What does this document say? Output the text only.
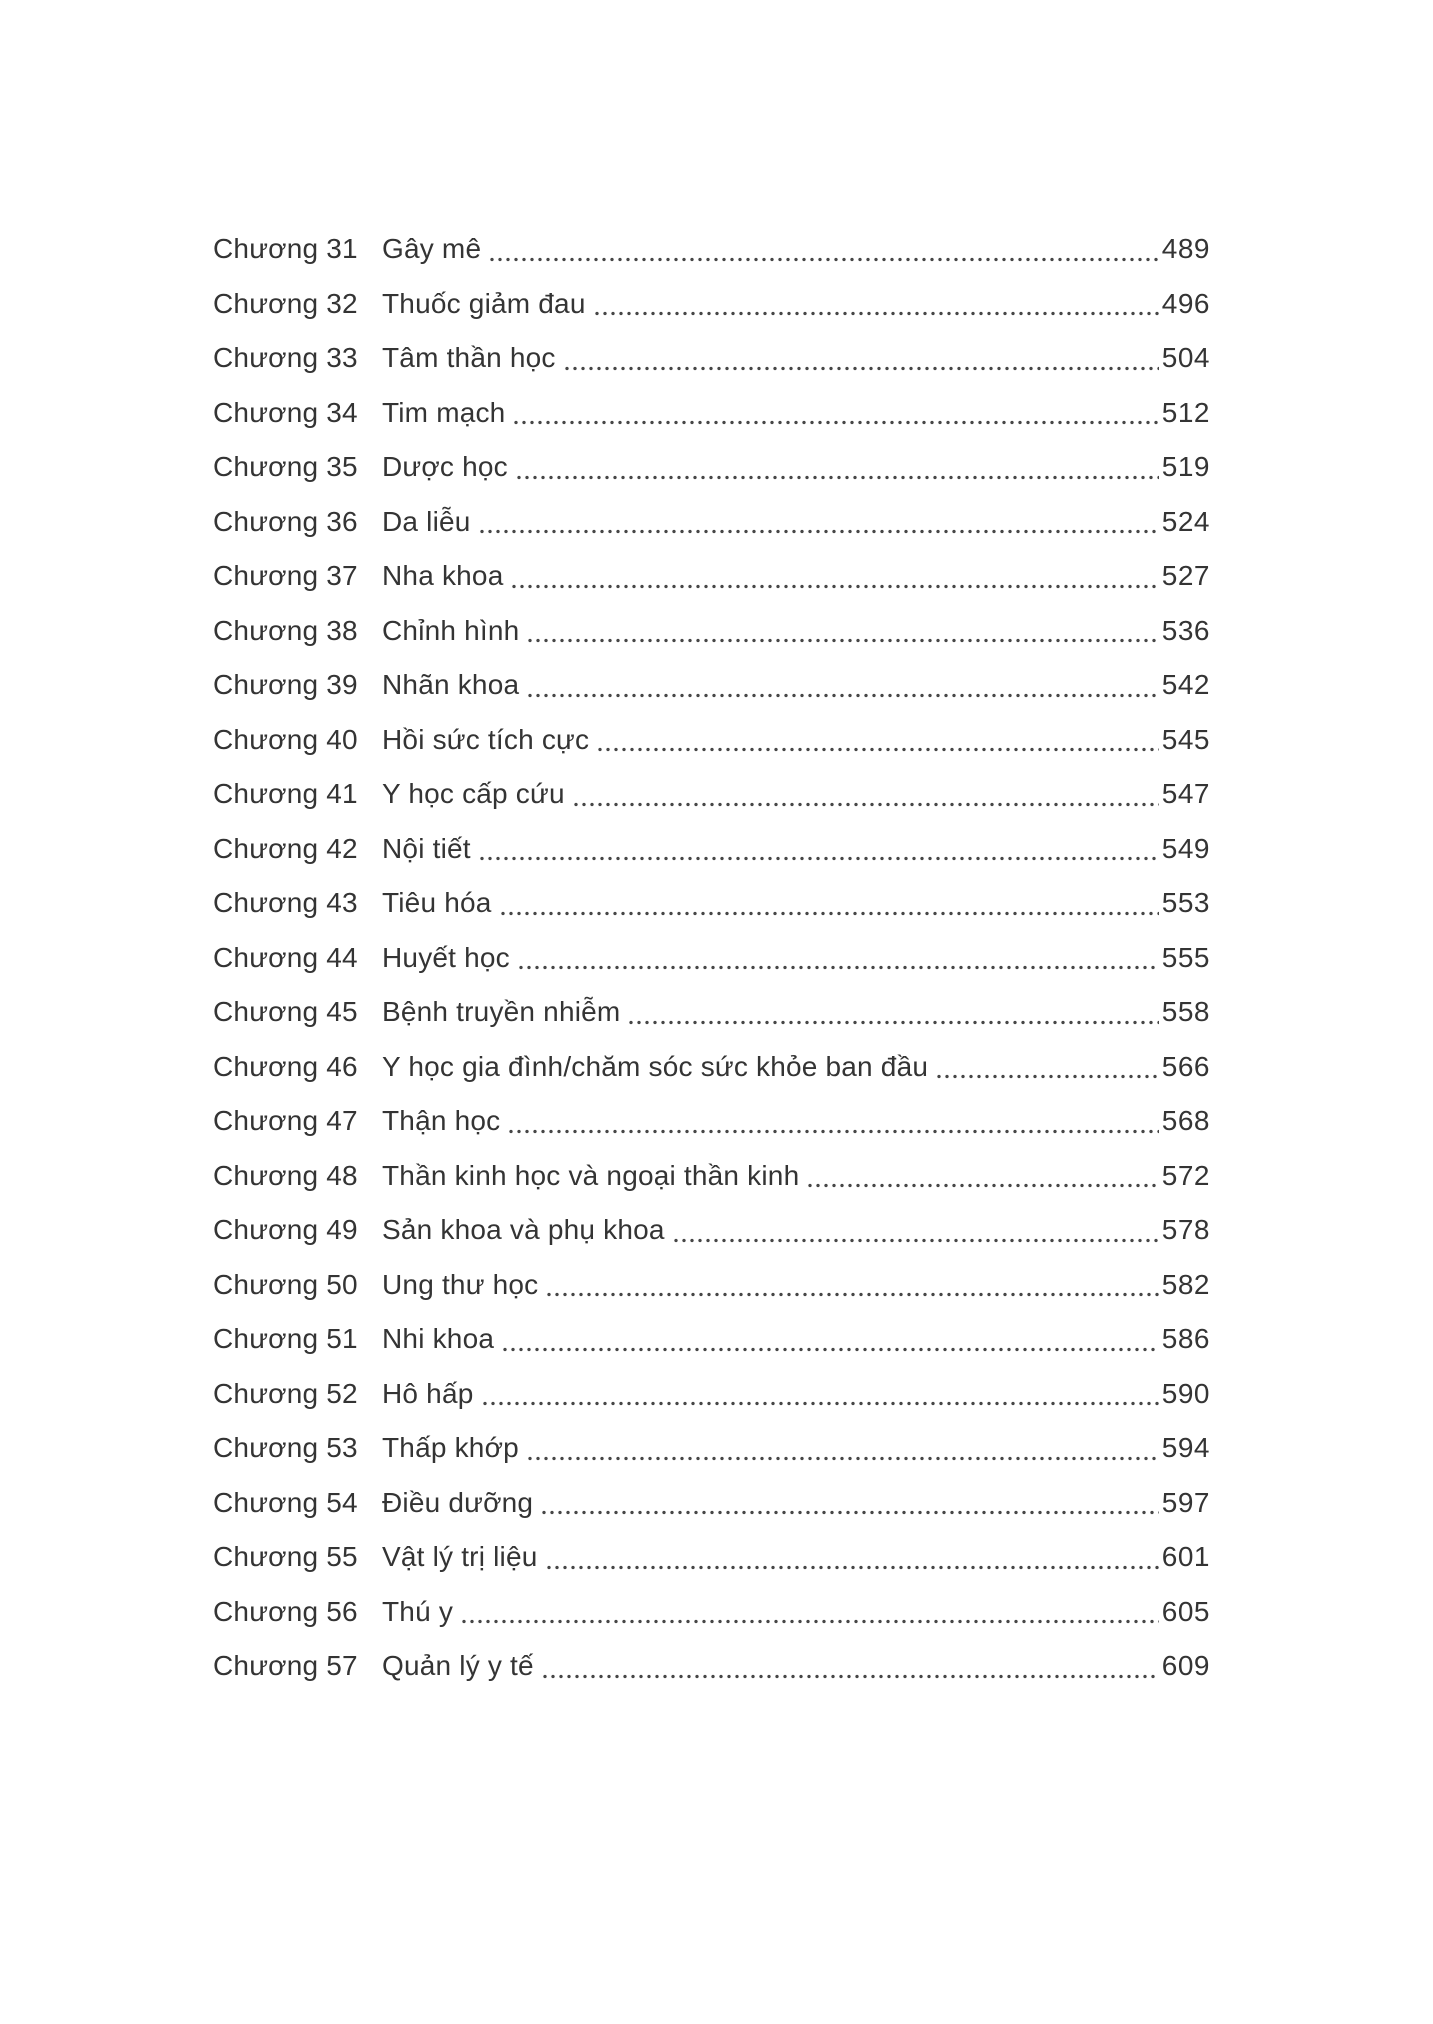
Chương 31 Gây mê	489
Chương 32 Thuốc giảm đau	496
Chương 33 Tâm thần học	504
Chương 34 Tim mạch	512
Chương 35 Dược học	519
Chương 36 Da liễu	524
Chương 37 Nha khoa	527
Chương 38 Chỉnh hình	536
Chương 39 Nhãn khoa	542
Chương 40 Hồi sức tích cực	545
Chương 41 Y học cấp cứu	547
Chương 42 Nội tiết	549
Chương 43 Tiêu hóa	553
Chương 44 Huyết học	555
Chương 45 Bệnh truyền nhiễm	558
Chương 46 Y học gia đình/chăm sóc sức khỏe ban đầu	566
Chương 47 Thận học	568
Chương 48 Thần kinh học và ngoại thần kinh	572
Chương 49 Sản khoa và phụ khoa	578
Chương 50 Ung thư học	582
Chương 51 Nhi khoa	586
Chương 52 Hô hấp	590
Chương 53 Thấp khớp	594
Chương 54 Điều dưỡng	597
Chương 55 Vật lý trị liệu	601
Chương 56 Thú y	605
Chương 57 Quản lý y tế	609
